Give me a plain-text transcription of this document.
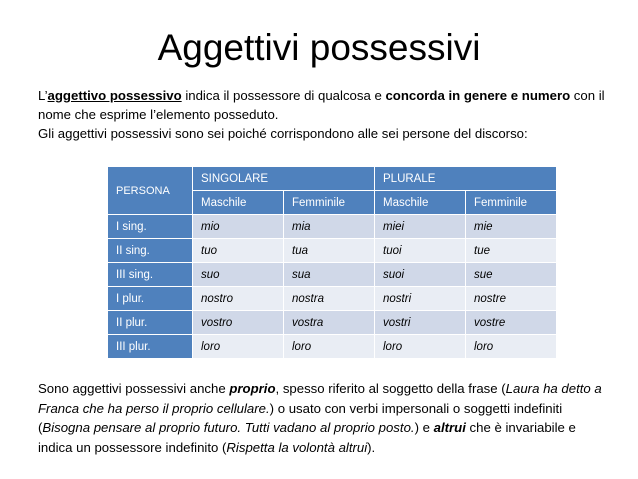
Aggettivi possessivi

L’aggettivo possessivo indica il possessore di qualcosa e concorda in genere e numero con il nome che esprime l’elemento posseduto.

Gli aggettivi possessivi sono sei poiché corrispondono alle sei persone del discorso:

PERSONA	SINGOLARE		PLURALE	
	Maschile	Femminile	Maschile	Femminile
I sing.	mio	mia	miei	mie
II sing.	tuo	tua	tuoi	tue
III sing.	suo	sua	suoi	sue
I plur.	nostro	nostra	nostri	nostre
II plur.	vostro	vostra	vostri	vostre
III plur.	loro	loro	loro	loro

Sono aggettivi possessivi anche proprio, spesso riferito al soggetto della frase (Laura ha detto a Franca che ha perso il proprio cellulare.) o usato con verbi impersonali o soggetti indefiniti (Bisogna pensare al proprio futuro. Tutti vadano al proprio posto.) e altrui che è invariabile e indica un possessore indefinito (Rispetta la volontà altrui).
